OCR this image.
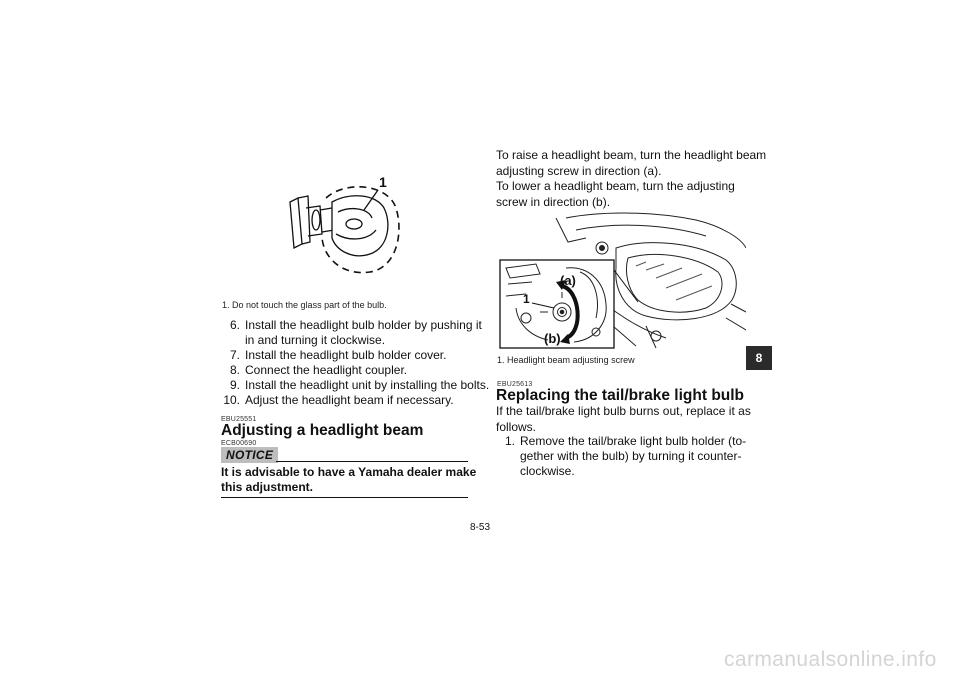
1
1. Do not touch the glass part of the bulb.
6. Install the headlight bulb holder by pushing it
in and turning it clockwise.
7. Install the headlight bulb holder cover.
8. Connect the headlight coupler.
9. Install the headlight unit by installing the bolts.
10. Adjust the headlight beam if necessary.
EBU25551
Adjusting a headlight beam
ECB00690
NOTICE
It is advisable to have a Yamaha dealer make
this adjustment.
To raise a headlight beam, turn the headlight beam
adjusting screw in direction (a).
To lower a headlight beam, turn the adjusting
screw in direction (b).
(a)
(b)
1
1. Headlight beam adjusting screw
EBU25613
Replacing the tail/brake light bulb
If the tail/brake light bulb burns out, replace it as
follows.
1. Remove the tail/brake light bulb holder (to-
gether with the bulb) by turning it counter-
clockwise.
8
8-53
carmanualsonline.info
